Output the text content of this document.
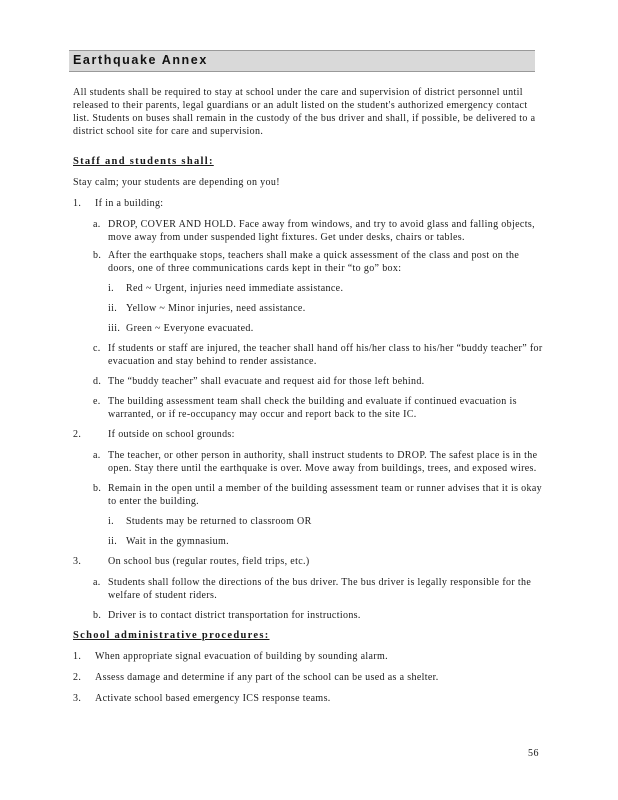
Earthquake Annex

All students shall be required to stay at school under the care and supervision of district personnel until released to their parents, legal guardians or an adult listed on the student's authorized emergency contact list. Students on buses shall remain in the custody of the bus driver and shall, if possible, be delivered to a district school site for care and supervision.

Staff and students shall:

Stay calm; your students are depending on you!

1.	If in a building:
a. DROP, COVER AND HOLD. Face away from windows, and try to avoid glass and falling objects, move away from under suspended light fixtures. Get under desks, chairs or tables.
b. After the earthquake stops, teachers shall make a quick assessment of the class and post on the doors, one of three communications cards kept in their “to go” box:
i.	Red ~ Urgent, injuries need immediate assistance.
ii. Yellow ~ Minor injuries, need assistance.
iii. Green ~ Everyone evacuated.
c. If students or staff are injured, the teacher shall hand off his/her class to his/her “buddy teacher” for evacuation and stay behind to render assistance.
d. The “buddy teacher” shall evacuate and request aid for those left behind.
e. The building assessment team shall check the building and evaluate if continued evacuation is warranted, or if re-occupancy may occur and report back to the site IC.
2.	If outside on school grounds:
a. The teacher, or other person in authority, shall instruct students to DROP. The safest place is in the open. Stay there until the earthquake is over. Move away from buildings, trees, and exposed wires.
b. Remain in the open until a member of the building assessment team or runner advises that it is okay to enter the building.
i.	Students may be returned to classroom OR
ii. Wait in the gymnasium.
3.	On school bus (regular routes, field trips, etc.)
a. Students shall follow the directions of the bus driver. The bus driver is legally responsible for the welfare of student riders.
b. Driver is to contact district transportation for instructions.
School administrative procedures:
1.	When appropriate signal evacuation of building by sounding alarm.
2.	Assess damage and determine if any part of the school can be used as a shelter.
3.	Activate school based emergency ICS response teams.
56
